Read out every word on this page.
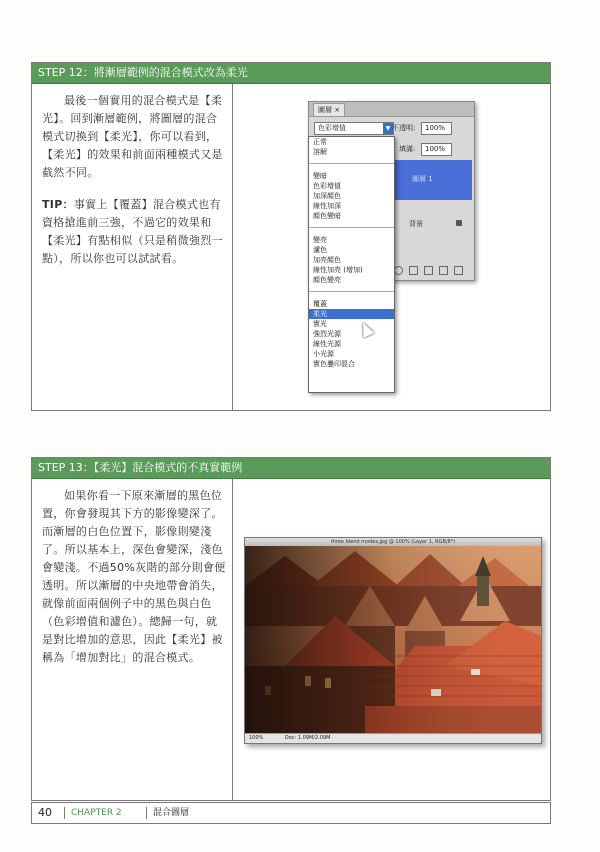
STEP 12：將漸層範例的混合模式改為柔光

最後一個實用的混合模式是【柔光】。回到漸層範例，將圖層的混合模式切換到【柔光】，你可以看到，【柔光】的效果和前面兩種模式又是截然不同。

TIP：事實上【覆蓋】混合模式也有資格搶進前三強，不過它的效果和【柔光】有點相似（只是稍微強烈一點），所以你也可以試試看。

圖層 ×
色彩增值	▼ 不透明:	100%
填滿:	100%
圖層 1
背景
正常
溶解
變暗
色彩增值
加深顏色
線性加深
顏色變暗
變亮
濾色
加亮顏色
線性加亮 (增加)
顏色變亮
覆蓋
柔光
實光
強烈光源
線性光源
小光源
實色疊印混合
STEP 13：【柔光】混合模式的不真實範例

如果你看一下原來漸層的黑色位置，你會發現其下方的影像變深了。而漸層的白色位置下，影像則變淺了。所以基本上，深色會變深，淺色會變淺。不過50%灰階的部分則會便透明。所以漸層的中央地帶會消失，就像前面兩個例子中的黑色與白色（色彩增值和濾色）。總歸一句，就是對比增加的意思，因此【柔光】被稱為「增加對比」的混合模式。

three blend modes.jpg @ 100% (Layer 1, RGB/8*)
100%	Doc: 1.09M/2.09M
40	CHAPTER 2	混合圖層
